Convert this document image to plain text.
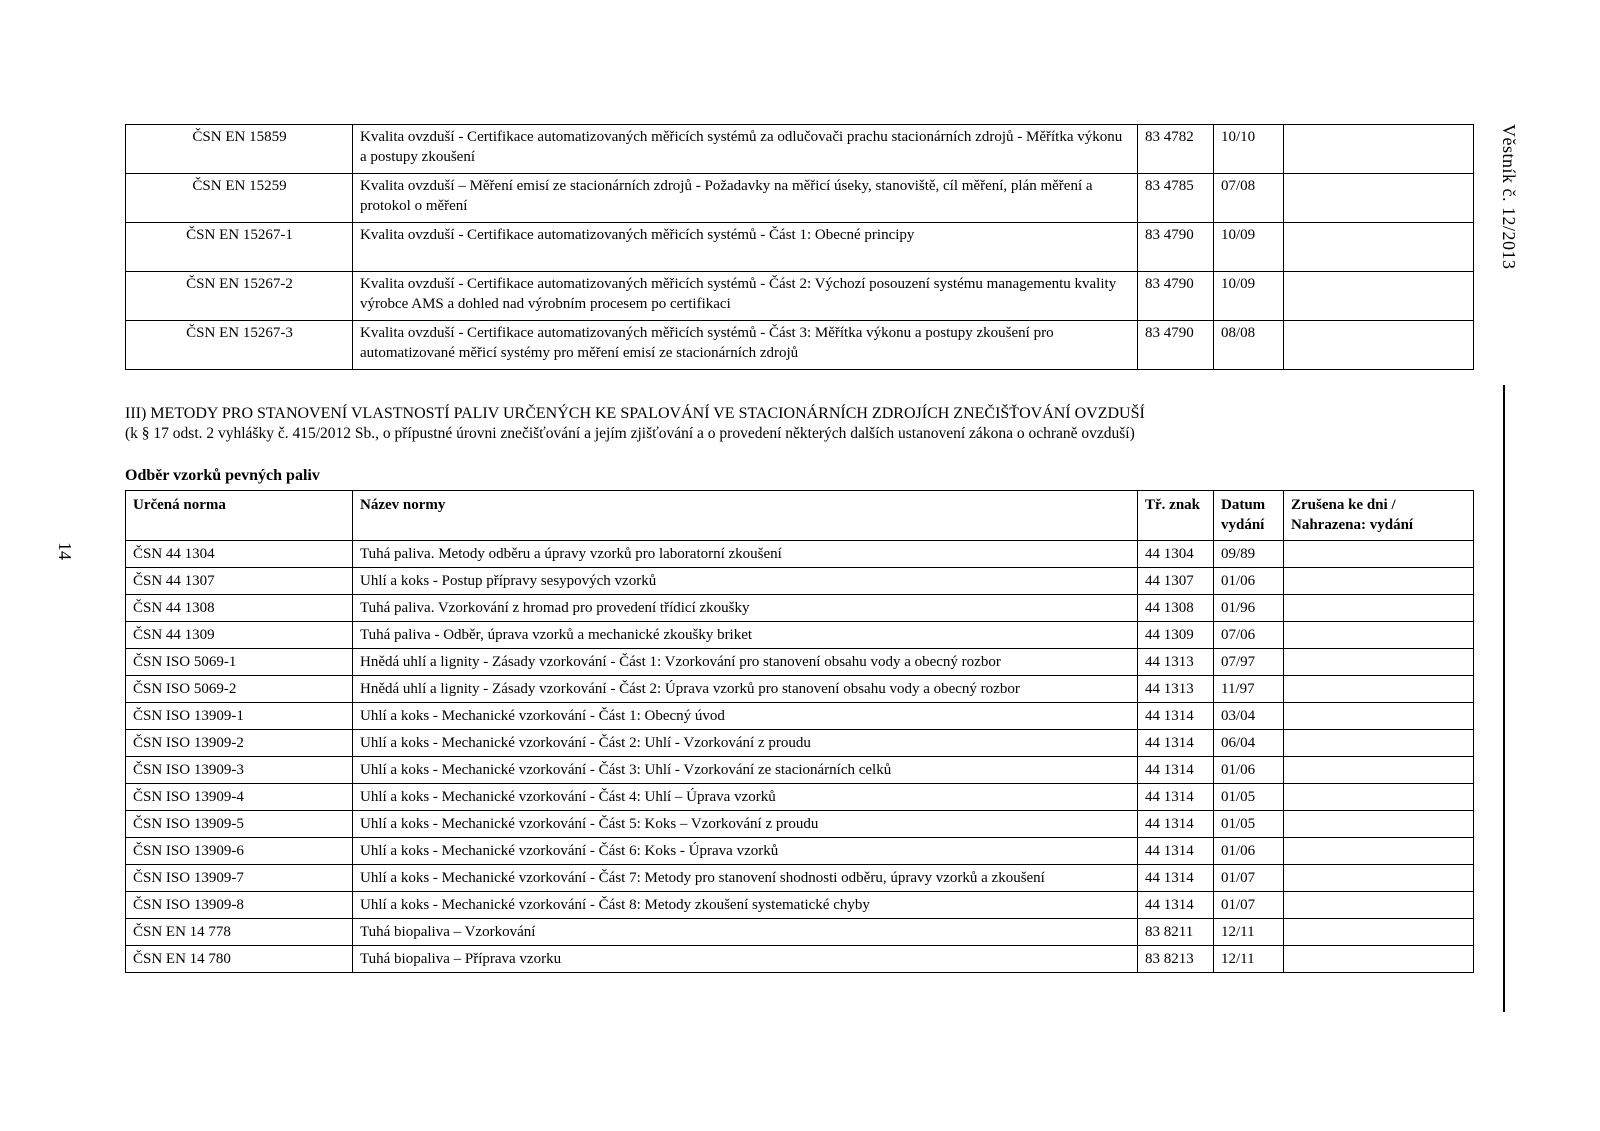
ČSN EN 15859	Kvalita ovzduší - Certifikace automatizovaných měřicích systémů za odlučovači prachu stacionárních zdrojů - Měřítka výkonu a postupy zkoušení	83 4782	10/10	
ČSN EN 15259	Kvalita ovzduší – Měření emisí ze stacionárních zdrojů - Požadavky na měřicí úseky, stanoviště, cíl měření, plán měření a protokol o měření	83 4785	07/08	
ČSN EN 15267-1	Kvalita ovzduší - Certifikace automatizovaných měřicích systémů - Část 1: Obecné principy	83 4790	10/09	
ČSN EN 15267-2	Kvalita ovzduší - Certifikace automatizovaných měřicích systémů - Část 2: Výchozí posouzení systému managementu kvality výrobce AMS a dohled nad výrobním procesem po certifikaci	83 4790	10/09	
ČSN EN 15267-3	Kvalita ovzduší - Certifikace automatizovaných měřicích systémů - Část 3: Měřítka výkonu a postupy zkoušení pro automatizované měřicí systémy pro měření emisí ze stacionárních zdrojů	83 4790	08/08	
III) METODY PRO STANOVENÍ VLASTNOSTÍ PALIV URČENÝCH KE SPALOVÁNÍ VE STACIONÁRNÍCH ZDROJÍCH ZNEČIŠŤOVÁNÍ OVZDUŠÍ
(k § 17 odst. 2 vyhlášky č. 415/2012 Sb., o přípustné úrovni znečišťování a jejím zjišťování a o provedení některých dalších ustanovení zákona o ochraně ovzduší)
Odběr vzorků pevných paliv
Určená norma	Název normy	Tř. znak	Datum vydání	Zrušena ke dni / Nahrazena: vydání
ČSN 44 1304	Tuhá paliva. Metody odběru a úpravy vzorků pro laboratorní zkoušení	44 1304	09/89	
ČSN 44 1307	Uhlí a koks - Postup přípravy sesypových vzorků	44 1307	01/06	
ČSN 44 1308	Tuhá paliva. Vzorkování z hromad pro provedení třídicí zkoušky	44 1308	01/96	
ČSN 44 1309	Tuhá paliva - Odběr, úprava vzorků a mechanické zkoušky briket	44 1309	07/06	
ČSN ISO 5069-1	Hnědá uhlí a lignity - Zásady vzorkování - Část 1: Vzorkování pro stanovení obsahu vody a obecný rozbor	44 1313	07/97	
ČSN ISO 5069-2	Hnědá uhlí a lignity - Zásady vzorkování - Část 2: Úprava vzorků pro stanovení obsahu vody a obecný rozbor	44 1313	11/97	
ČSN ISO 13909-1	Uhlí a koks - Mechanické vzorkování - Část 1: Obecný úvod	44 1314	03/04	
ČSN ISO 13909-2	Uhlí a koks - Mechanické vzorkování - Část 2: Uhlí - Vzorkování z proudu	44 1314	06/04	
ČSN ISO 13909-3	Uhlí a koks - Mechanické vzorkování - Část 3: Uhlí - Vzorkování ze stacionárních celků	44 1314	01/06	
ČSN ISO 13909-4	Uhlí a koks - Mechanické vzorkování - Část 4: Uhlí – Úprava vzorků	44 1314	01/05	
ČSN ISO 13909-5	Uhlí a koks - Mechanické vzorkování - Část 5: Koks – Vzorkování z proudu	44 1314	01/05	
ČSN ISO 13909-6	Uhlí a koks - Mechanické vzorkování - Část 6: Koks - Úprava vzorků	44 1314	01/06	
ČSN ISO 13909-7	Uhlí a koks - Mechanické vzorkování - Část 7: Metody pro stanovení shodnosti odběru, úpravy vzorků a zkoušení	44 1314	01/07	
ČSN ISO 13909-8	Uhlí a koks - Mechanické vzorkování - Část 8: Metody zkoušení systematické chyby	44 1314	01/07	
ČSN EN 14 778	Tuhá biopaliva – Vzorkování	83 8211	12/11	
ČSN EN 14 780	Tuhá biopaliva – Příprava vzorku	83 8213	12/11	
Věstník č. 12/2013
14
